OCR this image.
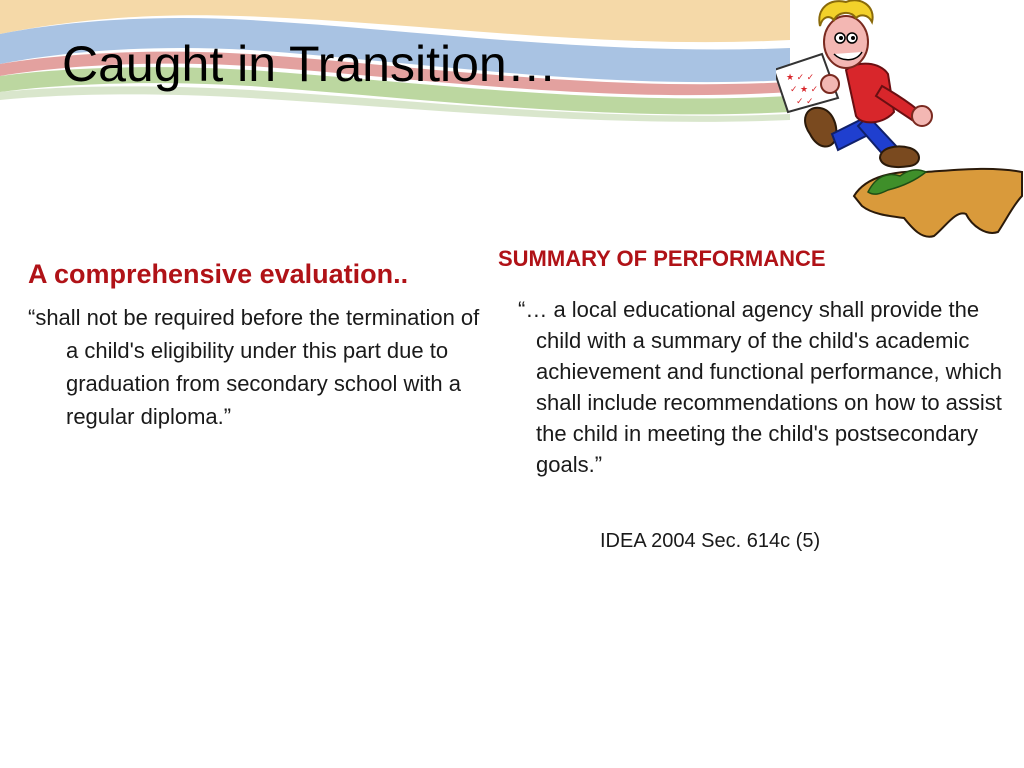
Caught in Transition…	★ ✓ ✓
✓ ★ ✓
✓ ✓

A comprehensive evaluation..

“shall not be required before the termination of a child's eligibility under this part due to graduation from secondary school with a regular diploma.”

SUMMARY OF PERFORMANCE

“… a local educational agency shall provide the child with a summary of the child's academic achievement and functional performance, which shall include recommendations on how to assist the child in meeting the child's postsecondary goals.”

IDEA 2004 Sec. 614c (5)
